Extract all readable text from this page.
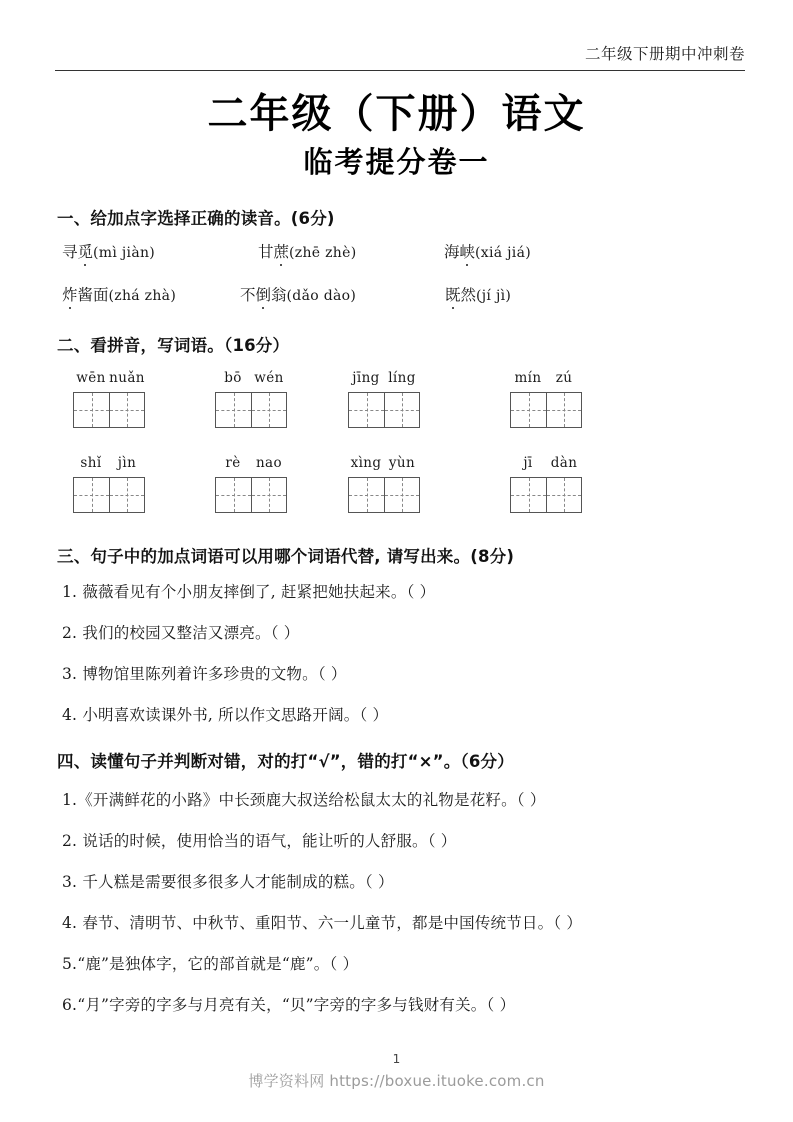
二年级下册期中冲刺卷
二年级（下册）语文
临考提分卷一
一、给加点字选择正确的读音。(6分)
寻觅(mì jiàn)	甘蔗(zhē zhè)	海峡(xiá jiá)
炸酱面(zhá zhà)	不倒翁(dǎo dào)	既然(jí jì)
二、看拼音，写词语。（16分）
wēn nuǎn	bō wén	jīng líng	mín zú
shǐ jìn	rè nao	xìng yùn	jī dàn
三、句子中的加点词语可以用哪个词语代替, 请写出来。(8分)
1. 薇薇看见有个小朋友摔倒了, 赶紧把她扶起来。（ ）
2. 我们的校园又整洁又漂亮。（ ）
3. 博物馆里陈列着许多珍贵的文物。（ ）
4. 小明喜欢读课外书, 所以作文思路开阔。（ ）
四、读懂句子并判断对错，对的打“√”，错的打“×”。（6分）
1.《开满鲜花的小路》中长颈鹿大叔送给松鼠太太的礼物是花籽。（ ）
2. 说话的时候，使用恰当的语气，能让听的人舒服。（ ）
3. 千人糕是需要很多很多人才能制成的糕。（ ）
4. 春节、清明节、中秋节、重阳节、六一儿童节，都是中国传统节日。（ ）
5.“鹿”是独体字，它的部首就是“鹿”。（ ）
6.“月”字旁的字多与月亮有关，“贝”字旁的字多与钱财有关。（ ）
1
博学资料网 https://boxue.ituoke.com.cn
